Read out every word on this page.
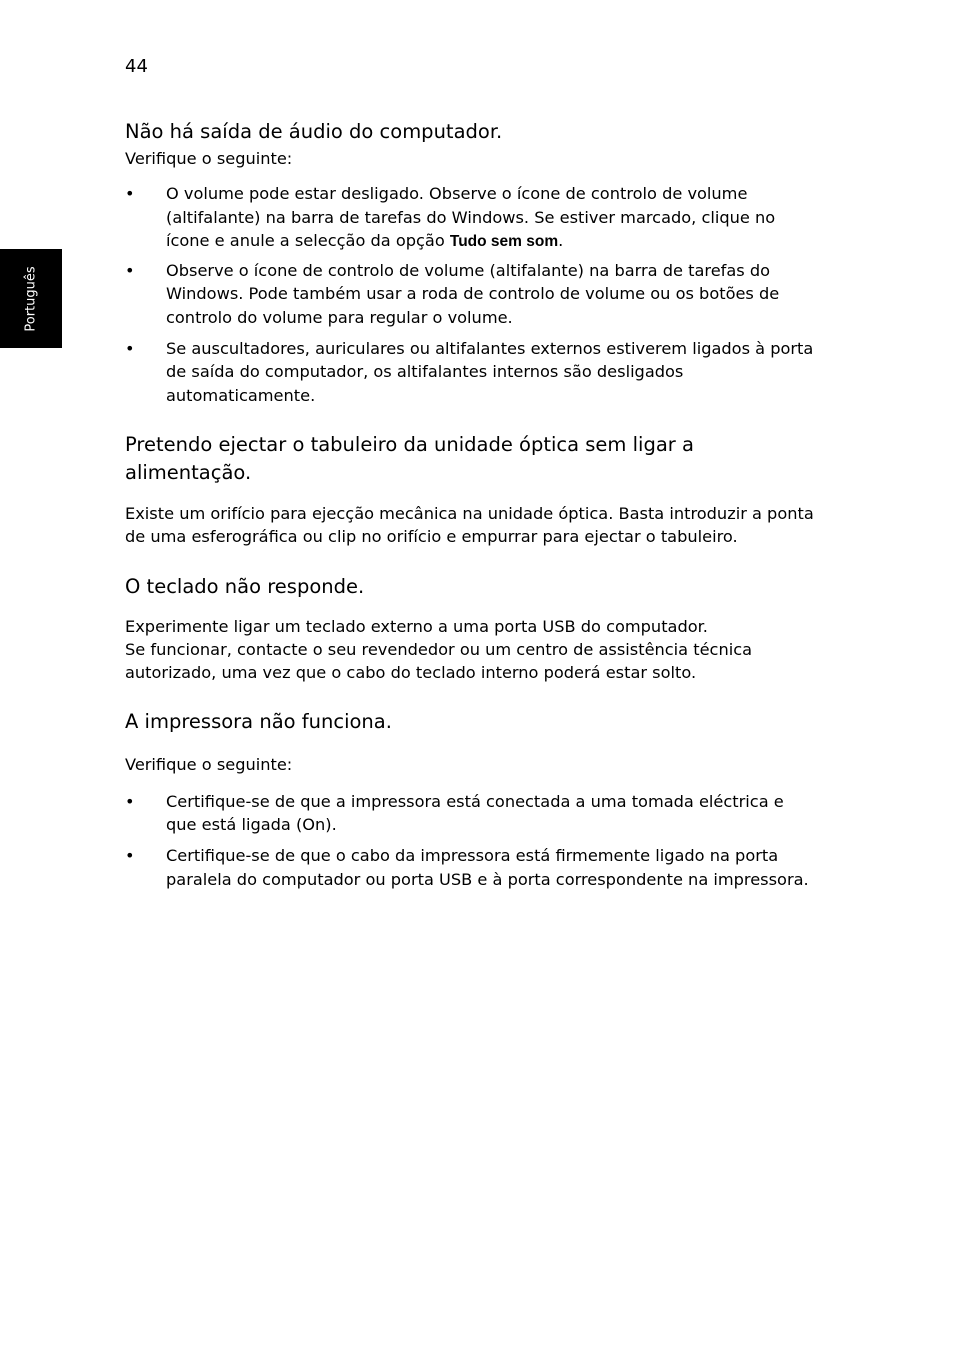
44
Português
Não há saída de áudio do computador.

Verifique o seguinte:

• O volume pode estar desligado. Observe o ícone de controlo de volume (altifalante) na barra de tarefas do Windows. Se estiver marcado, clique no ícone e anule a selecção da opção Tudo sem som.
• Observe o ícone de controlo de volume (altifalante) na barra de tarefas do Windows. Pode também usar a roda de controlo de volume ou os botões de controlo do volume para regular o volume.
• Se auscultadores, auriculares ou altifalantes externos estiverem ligados à porta de saída do computador, os altifalantes internos são desligados automaticamente.
Pretendo ejectar o tabuleiro da unidade óptica sem ligar a alimentação.

Existe um orifício para ejecção mecânica na unidade óptica. Basta introduzir a ponta de uma esferográfica ou clip no orifício e empurrar para ejectar o tabuleiro.

O teclado não responde.

Experimente ligar um teclado externo a uma porta USB do computador.

Se funcionar, contacte o seu revendedor ou um centro de assistência técnica autorizado, uma vez que o cabo do teclado interno poderá estar solto.

A impressora não funciona.

Verifique o seguinte:

• Certifique-se de que a impressora está conectada a uma tomada eléctrica e que está ligada (On).
• Certifique-se de que o cabo da impressora está firmemente ligado na porta paralela do computador ou porta USB e à porta correspondente na impressora.
